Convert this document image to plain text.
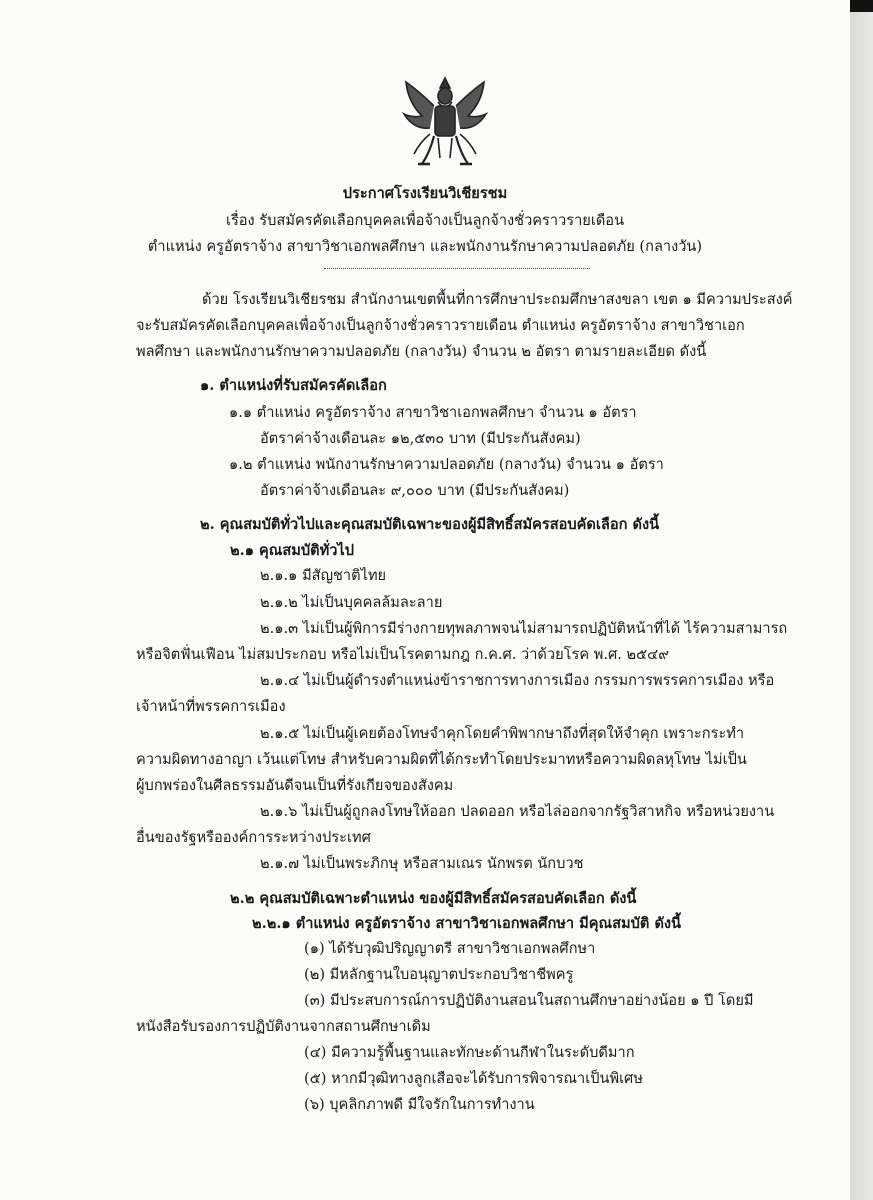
ประกาศโรงเรียนวิเชียรชม
เรื่อง รับสมัครคัดเลือกบุคคลเพื่อจ้างเป็นลูกจ้างชั่วคราวรายเดือน
ตำแหน่ง ครูอัตราจ้าง สาขาวิชาเอกพลศึกษา และพนักงานรักษาความปลอดภัย (กลางวัน)
ด้วย โรงเรียนวิเชียรชม สำนักงานเขตพื้นที่การศึกษาประถมศึกษาสงขลา เขต ๑ มีความประสงค์
จะรับสมัครคัดเลือกบุคคลเพื่อจ้างเป็นลูกจ้างชั่วคราวรายเดือน ตำแหน่ง ครูอัตราจ้าง สาขาวิชาเอก
พลศึกษา และพนักงานรักษาความปลอดภัย (กลางวัน) จำนวน ๒ อัตรา ตามรายละเอียด ดังนี้
๑. ตำแหน่งที่รับสมัครคัดเลือก
๑.๑ ตำแหน่ง ครูอัตราจ้าง สาขาวิชาเอกพลศึกษา จำนวน ๑ อัตรา
อัตราค่าจ้างเดือนละ ๑๒,๕๓๐ บาท (มีประกันสังคม)
๑.๒ ตำแหน่ง พนักงานรักษาความปลอดภัย (กลางวัน) จำนวน ๑ อัตรา
อัตราค่าจ้างเดือนละ ๙,๐๐๐ บาท (มีประกันสังคม)
๒. คุณสมบัติทั่วไปและคุณสมบัติเฉพาะของผู้มีสิทธิ์สมัครสอบคัดเลือก ดังนี้
๒.๑ คุณสมบัติทั่วไป
๒.๑.๑ มีสัญชาติไทย
๒.๑.๒ ไม่เป็นบุคคลล้มละลาย
๒.๑.๓ ไม่เป็นผู้พิการมีร่างกายทุพลภาพจนไม่สามารถปฏิบัติหน้าที่ได้ ไร้ความสามารถ
หรือจิตฟั่นเฟือน ไม่สมประกอบ หรือไม่เป็นโรคตามกฎ ก.ค.ศ. ว่าด้วยโรค พ.ศ. ๒๕๔๙
๒.๑.๔ ไม่เป็นผู้ดำรงตำแหน่งข้าราชการทางการเมือง กรรมการพรรคการเมือง หรือ
เจ้าหน้าที่พรรคการเมือง
๒.๑.๕ ไม่เป็นผู้เคยต้องโทษจำคุกโดยคำพิพากษาถึงที่สุดให้จำคุก เพราะกระทำ
ความผิดทางอาญา เว้นแต่โทษ สำหรับความผิดที่ได้กระทำโดยประมาทหรือความผิดลหุโทษ ไม่เป็น
ผู้บกพร่องในศีลธรรมอันดีจนเป็นที่รังเกียจของสังคม
๒.๑.๖ ไม่เป็นผู้ถูกลงโทษให้ออก ปลดออก หรือไล่ออกจากรัฐวิสาหกิจ หรือหน่วยงาน
อื่นของรัฐหรือองค์การระหว่างประเทศ
๒.๑.๗ ไม่เป็นพระภิกษุ หรือสามเณร นักพรต นักบวช
๒.๒ คุณสมบัติเฉพาะตำแหน่ง ของผู้มีสิทธิ์สมัครสอบคัดเลือก ดังนี้
๒.๒.๑ ตำแหน่ง ครูอัตราจ้าง สาขาวิชาเอกพลศึกษา มีคุณสมบัติ ดังนี้
(๑) ได้รับวุฒิปริญญาตรี สาขาวิชาเอกพลศึกษา
(๒) มีหลักฐานใบอนุญาตประกอบวิชาชีพครู
(๓) มีประสบการณ์การปฏิบัติงานสอนในสถานศึกษาอย่างน้อย ๑ ปี โดยมี
หนังสือรับรองการปฏิบัติงานจากสถานศึกษาเดิม
(๔) มีความรู้พื้นฐานและทักษะด้านกีฬาในระดับดีมาก
(๕) หากมีวุฒิทางลูกเสือจะได้รับการพิจารณาเป็นพิเศษ
(๖) บุคลิกภาพดี มีใจรักในการทำงาน
